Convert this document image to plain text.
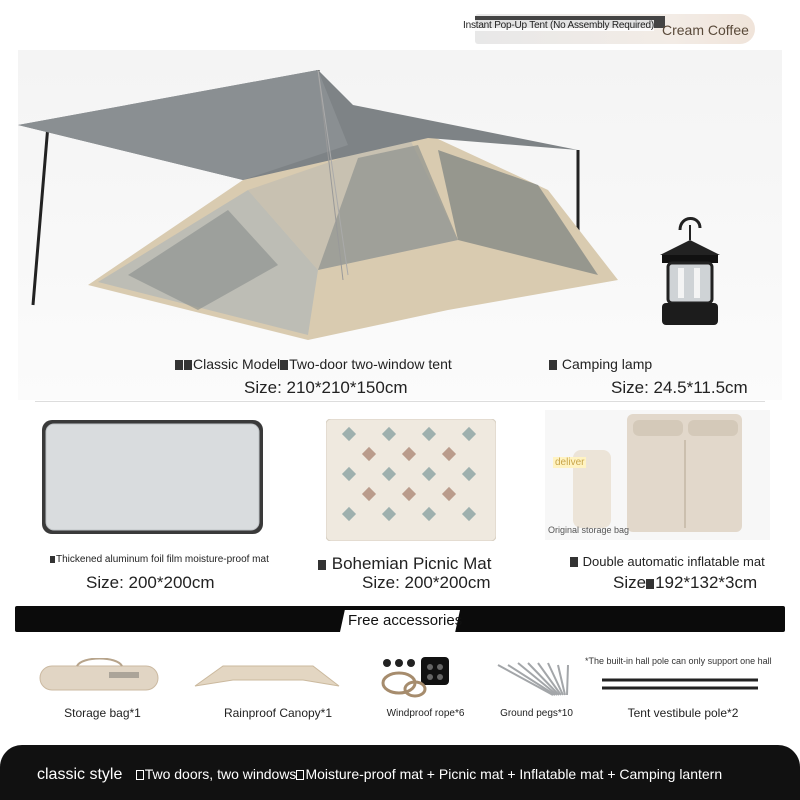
Instant Pop-Up Tent (No Assembly Required) Cream Coffee
Classic Model Two-door two-window tent
Size: 210*210*150cm
Camping lamp
Size: 24.5*11.5cm
deliver
Original storage bag
Thickened aluminum foil film moisture-proof mat
Size: 200*200cm
Bohemian Picnic Mat
Size: 200*200cm
Double automatic inflatable mat
Size 192*132*3cm
Free accessories
*The built-in hall pole can only support one hall
Storage bag*1	Rainproof Canopy*1	Windproof rope*6	Ground pegs*10	Tent vestibule pole*2
classic style Two doors, two windows Moisture-proof mat + Picnic mat + Inflatable mat + Camping lantern
